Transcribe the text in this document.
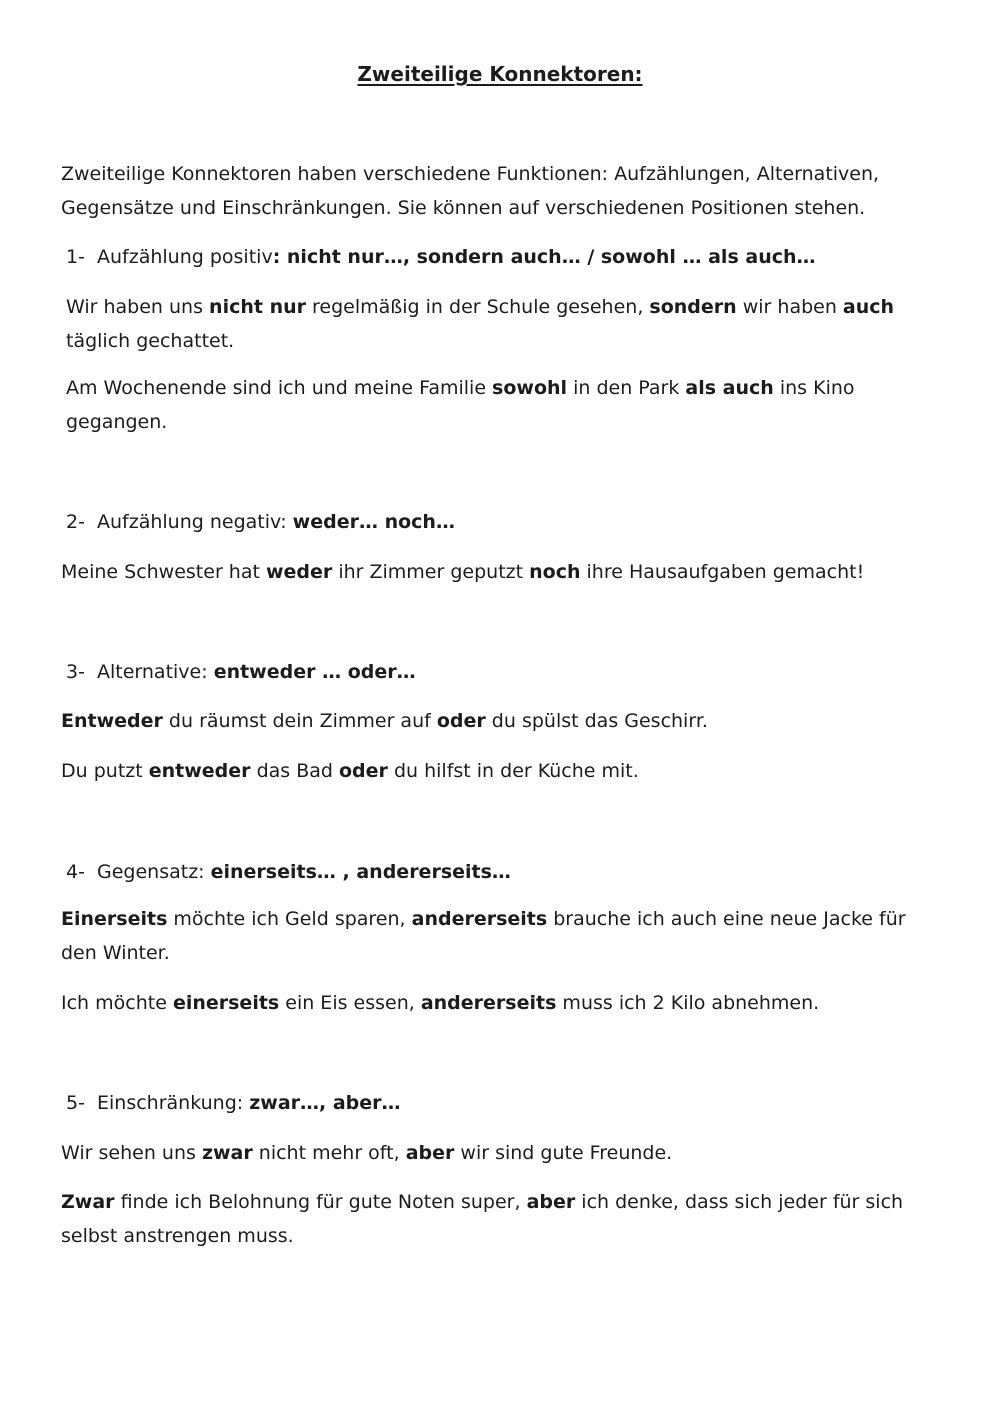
Zweiteilige Konnektoren:

Zweiteilige Konnektoren haben verschiedene Funktionen: Aufzählungen, Alternativen, Gegensätze und Einschränkungen. Sie können auf verschiedenen Positionen stehen.

1- Aufzählung positiv: nicht nur…, sondern auch… / sowohl … als auch…

Wir haben uns nicht nur regelmäßig in der Schule gesehen, sondern wir haben auch täglich gechattet.

Am Wochenende sind ich und meine Familie sowohl in den Park als auch ins Kino gegangen.

2- Aufzählung negativ: weder… noch…

Meine Schwester hat weder ihr Zimmer geputzt noch ihre Hausaufgaben gemacht!

3- Alternative: entweder … oder…

Entweder du räumst dein Zimmer auf oder du spülst das Geschirr.

Du putzt entweder das Bad oder du hilfst in der Küche mit.

4- Gegensatz: einerseits… , andererseits…

Einerseits möchte ich Geld sparen, andererseits brauche ich auch eine neue Jacke für den Winter.

Ich möchte einerseits ein Eis essen, andererseits muss ich 2 Kilo abnehmen.

5- Einschränkung: zwar…, aber…

Wir sehen uns zwar nicht mehr oft, aber wir sind gute Freunde.

Zwar finde ich Belohnung für gute Noten super, aber ich denke, dass sich jeder für sich selbst anstrengen muss.
